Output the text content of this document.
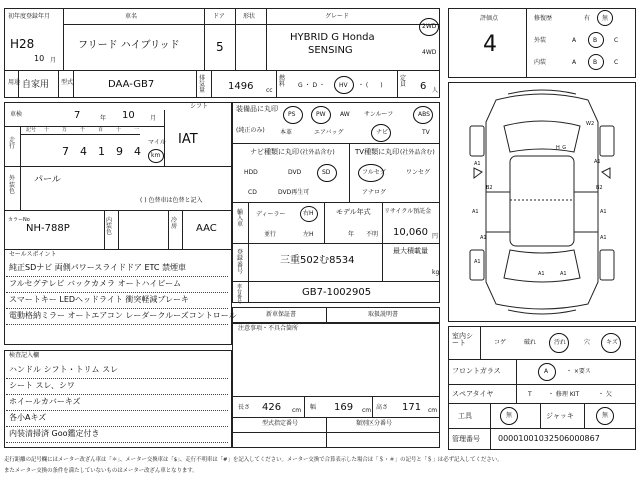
初年度登録年月
H28
10 月
車名
フリード ハイブリッド
ドア
5
形状	グレード
HYBRID G Honda
SENSING
2WD
4WD
用途 自家用 型式	DAA-GB7
排気量 1496 cc
燃料	G ・ D ・ HV ・ (　　)
定員 6 人
車検	7	年 10	月
シフト
IAT
走行
記号 十	万	千	百	十	一
7 4 1 9 4
マイル
km
外装色
パール
( ) 色替車は色替と記入
カラーNo
NH-788P
内装色
冷房 AAC
セールスポイント
純正SDナビ 両側パワースライドドア ETC 禁煙車
フルセグテレビ バックカメラ オートハイビーム
スマートキー LEDヘッドライト 衝突軽減ブレーキ
電動格納ミラー オートエアコン レーダークルーズコントロール
検査記入欄
ハンドル シフト・トリム スレ
シート スレ、シワ
ホイールカバーキズ
各小Aキズ
内装清掃済 Goo鑑定付き
装備品に丸印
(純正のみ)
PS	PW AW サンルーフ	ABS
本革	エアバッグ	ナビ	TV
ナビ種類に丸印 (社外品含む)
HDD	DVD	SD
CD	DVD再生可
TV種類に丸印 (社外品含む)
フルセグ	ワンセグ
アナログ
輸入車
ディーラー	右H
並行	左H
モデル年式
年 不明
リサイクル預託金
10,060 円
登録番号
三重502む8534
最大積載量
kg
車台番号
GB7-1002905
新車保証書	取扱説明書
注意事項・不具合箇所
長さ 426 cm 幅 169 cm 高さ 171 cm
型式指定番号	類別区分番号
評価点
4
修復歴	有 無
外装	A	B	C
内装	A	B	C
W2
A1	A1
B2	B2
A1	A1
A1	A1
A1
H_G
A1	A1
室内シート	コゲ	破れ	汚れ	穴	キズ
フロントガラス	A	・ ×要ス
スペアタイヤ	T	・ 修理 KIT	・ 欠
工具	無	ジャッキ	無
管理番号 00001001032506000867
走行距離の記号欄にはメーター改ざん車は「＊」、メーター交換車は「$」、走行不明車は「#」を記入してください。メーター交換で合算表示した場合は「＄・＃」の記号と「＄」は必ず記入してください。
またメーター交換の条件を満たしていないものはメーター改ざん車となります。
